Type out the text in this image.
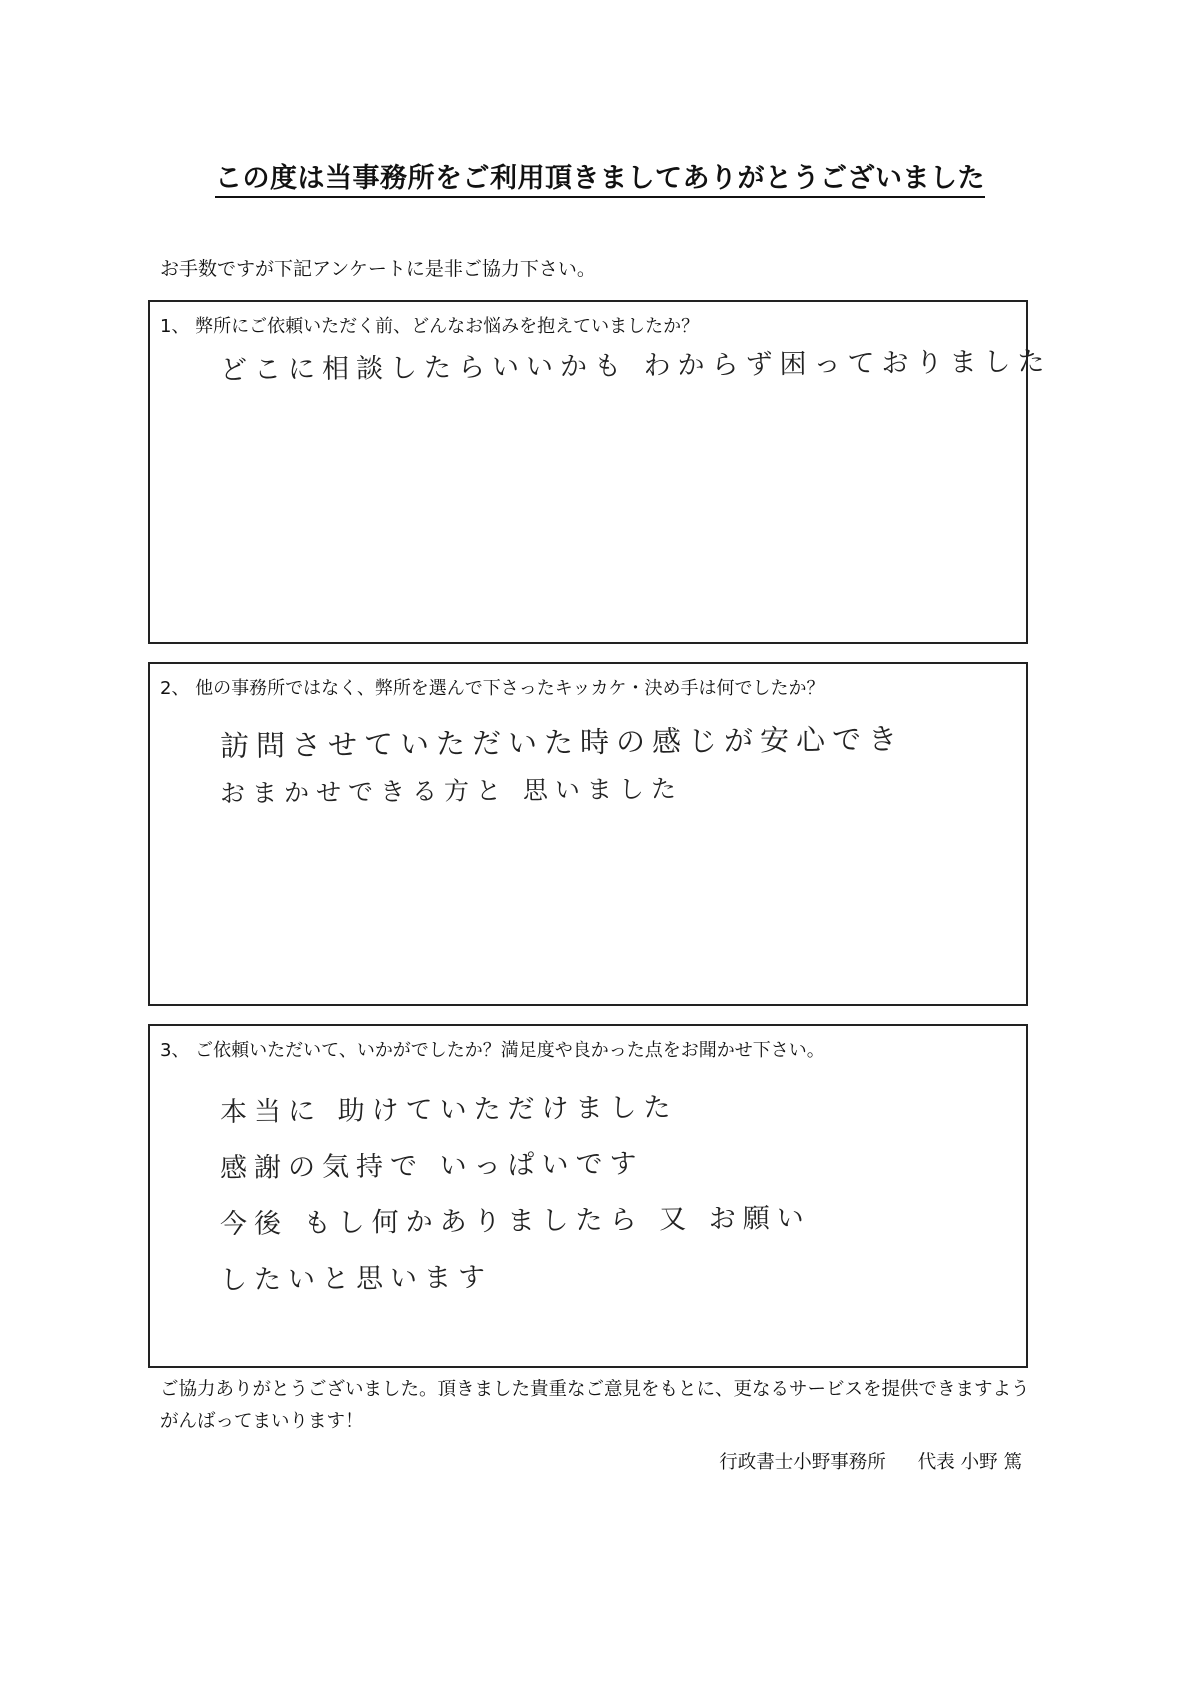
この度は当事務所をご利用頂きましてありがとうございました
お手数ですが下記アンケートに是非ご協力下さい。
1、 弊所にご依頼いただく前、どんなお悩みを抱えていましたか？
どこに相談したらいいかも わからず困っておりました
2、 他の事務所ではなく、弊所を選んで下さったキッカケ・決め手は何でしたか？
訪問させていただいた時の感じが安心でき
おまかせできる方と 思いました
3、 ご依頼いただいて、いかがでしたか？満足度や良かった点をお聞かせ下さい。
本当に 助けていただけました
感謝の気持で いっぱいです
今後 もし何かありましたら 又 お願い
したいと思います
ご協力ありがとうございました。頂きました貴重なご意見をもとに、更なるサービスを提供できますようがんばってまいります！
行政書士小野事務所 代表 小野 篤
